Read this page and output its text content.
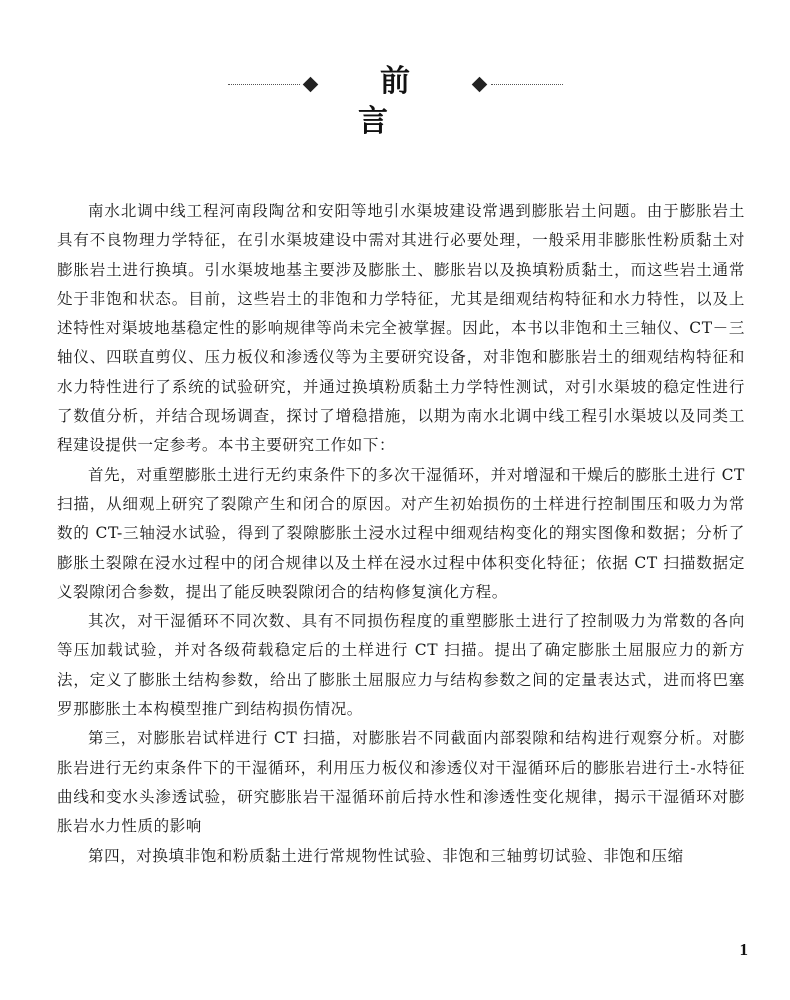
前 言

南水北调中线工程河南段陶岔和安阳等地引水渠坡建设常遇到膨胀岩土问题。由于膨胀岩土具有不良物理力学特征，在引水渠坡建设中需对其进行必要处理，一般采用非膨胀性粉质黏土对膨胀岩土进行换填。引水渠坡地基主要涉及膨胀土、膨胀岩以及换填粉质黏土，而这些岩土通常处于非饱和状态。目前，这些岩土的非饱和力学特征，尤其是细观结构特征和水力特性，以及上述特性对渠坡地基稳定性的影响规律等尚未完全被掌握。因此，本书以非饱和土三轴仪、CT－三轴仪、四联直剪仪、压力板仪和渗透仪等为主要研究设备，对非饱和膨胀岩土的细观结构特征和水力特性进行了系统的试验研究，并通过换填粉质黏土力学特性测试，对引水渠坡的稳定性进行了数值分析，并结合现场调查，探讨了增稳措施，以期为南水北调中线工程引水渠坡以及同类工程建设提供一定参考。本书主要研究工作如下：

首先，对重塑膨胀土进行无约束条件下的多次干湿循环，并对增湿和干燥后的膨胀土进行 CT 扫描，从细观上研究了裂隙产生和闭合的原因。对产生初始损伤的土样进行控制围压和吸力为常数的 CT-三轴浸水试验，得到了裂隙膨胀土浸水过程中细观结构变化的翔实图像和数据；分析了膨胀土裂隙在浸水过程中的闭合规律以及土样在浸水过程中体积变化特征；依据 CT 扫描数据定义裂隙闭合参数，提出了能反映裂隙闭合的结构修复演化方程。

其次，对干湿循环不同次数、具有不同损伤程度的重塑膨胀土进行了控制吸力为常数的各向等压加载试验，并对各级荷载稳定后的土样进行 CT 扫描。提出了确定膨胀土屈服应力的新方法，定义了膨胀土结构参数，给出了膨胀土屈服应力与结构参数之间的定量表达式，进而将巴塞罗那膨胀土本构模型推广到结构损伤情况。

第三，对膨胀岩试样进行 CT 扫描，对膨胀岩不同截面内部裂隙和结构进行观察分析。对膨胀岩进行无约束条件下的干湿循环，利用压力板仪和渗透仪对干湿循环后的膨胀岩进行土-水特征曲线和变水头渗透试验，研究膨胀岩干湿循环前后持水性和渗透性变化规律，揭示干湿循环对膨胀岩水力性质的影响

第四，对换填非饱和粉质黏土进行常规物性试验、非饱和三轴剪切试验、非饱和压缩

1
